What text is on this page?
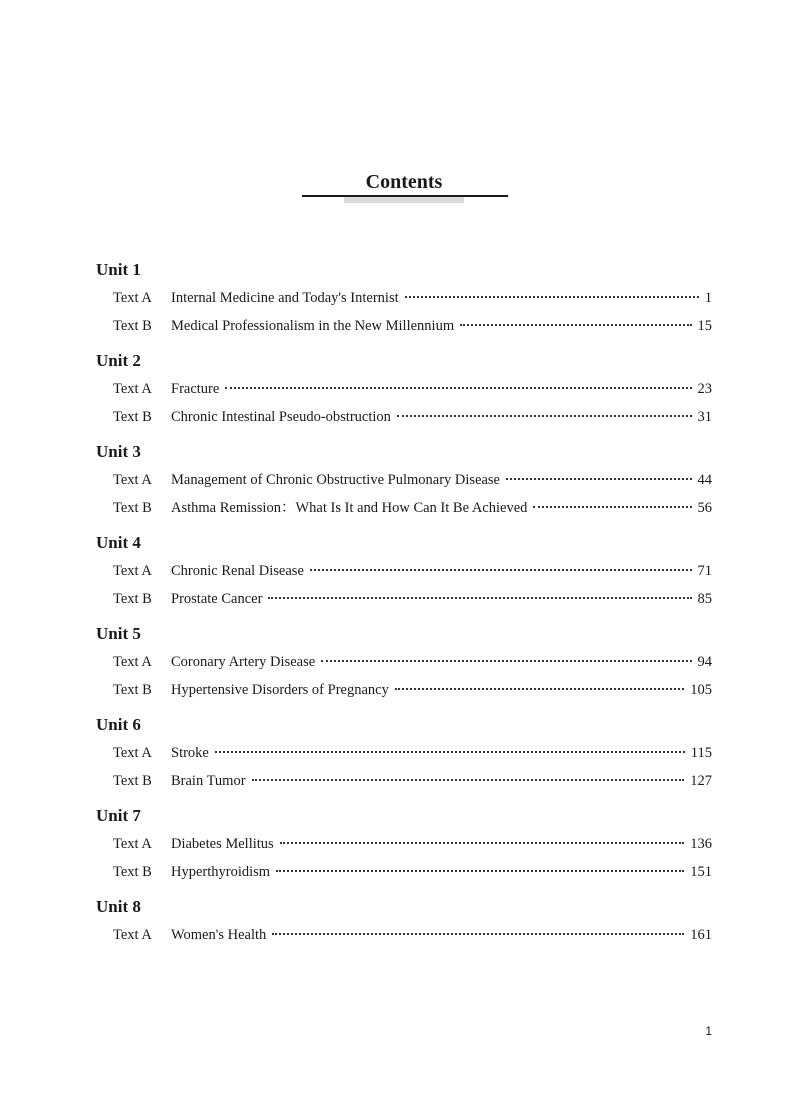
Contents
Unit 1
Text A	Internal Medicine and Today's Internist	1
Text B	Medical Professionalism in the New Millennium	15
Unit 2
Text A	Fracture	23
Text B	Chronic Intestinal Pseudo-obstruction	31
Unit 3
Text A	Management of Chronic Obstructive Pulmonary Disease	44
Text B	Asthma Remission：What Is It and How Can It Be Achieved	56
Unit 4
Text A	Chronic Renal Disease	71
Text B	Prostate Cancer	85
Unit 5
Text A	Coronary Artery Disease	94
Text B	Hypertensive Disorders of Pregnancy	105
Unit 6
Text A	Stroke	115
Text B	Brain Tumor	127
Unit 7
Text A	Diabetes Mellitus	136
Text B	Hyperthyroidism	151
Unit 8
Text A	Women's Health	161
1
